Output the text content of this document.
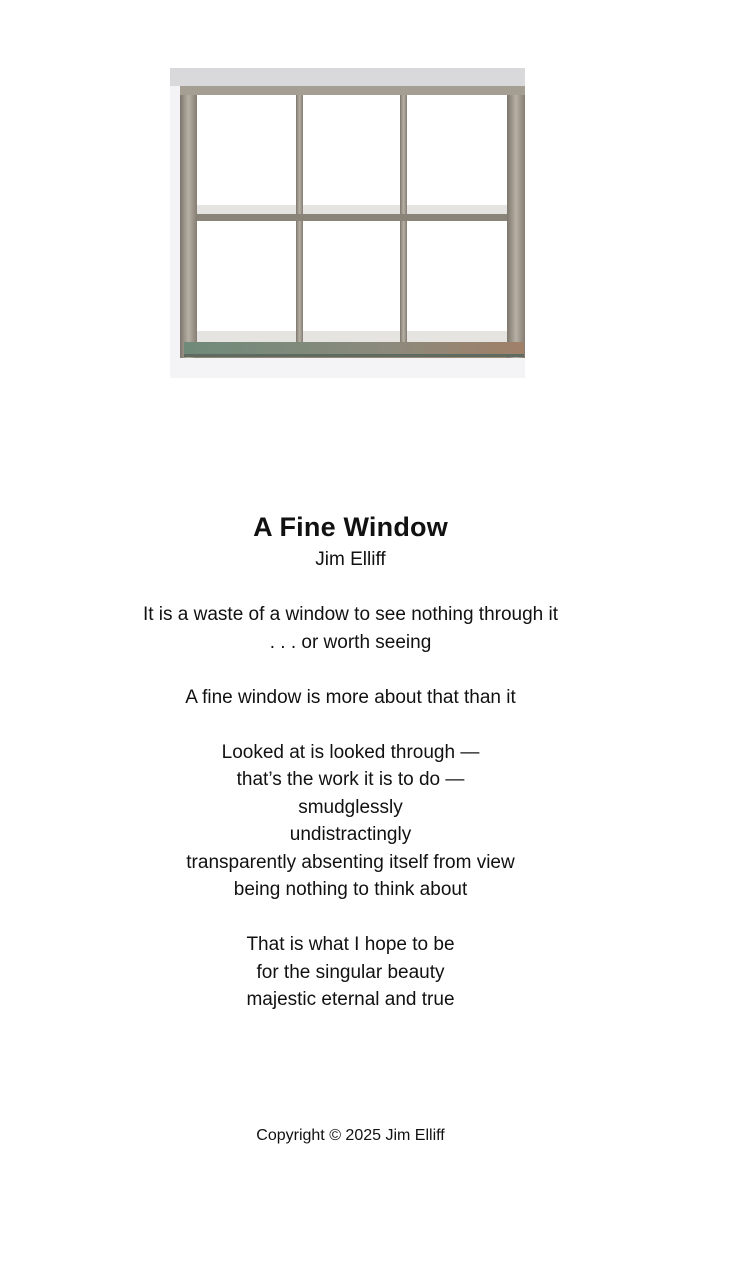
A Fine Window
Jim Elliff
It is a waste of a window to see nothing through it
. . . or worth seeing
A fine window is more about that than it
Looked at is looked through —
that’s the work it is to do —
smudglessly
undistractingly
transparently absenting itself from view
being nothing to think about
That is what I hope to be
for the singular beauty
majestic eternal and true
Copyright © 2025 Jim Elliff
